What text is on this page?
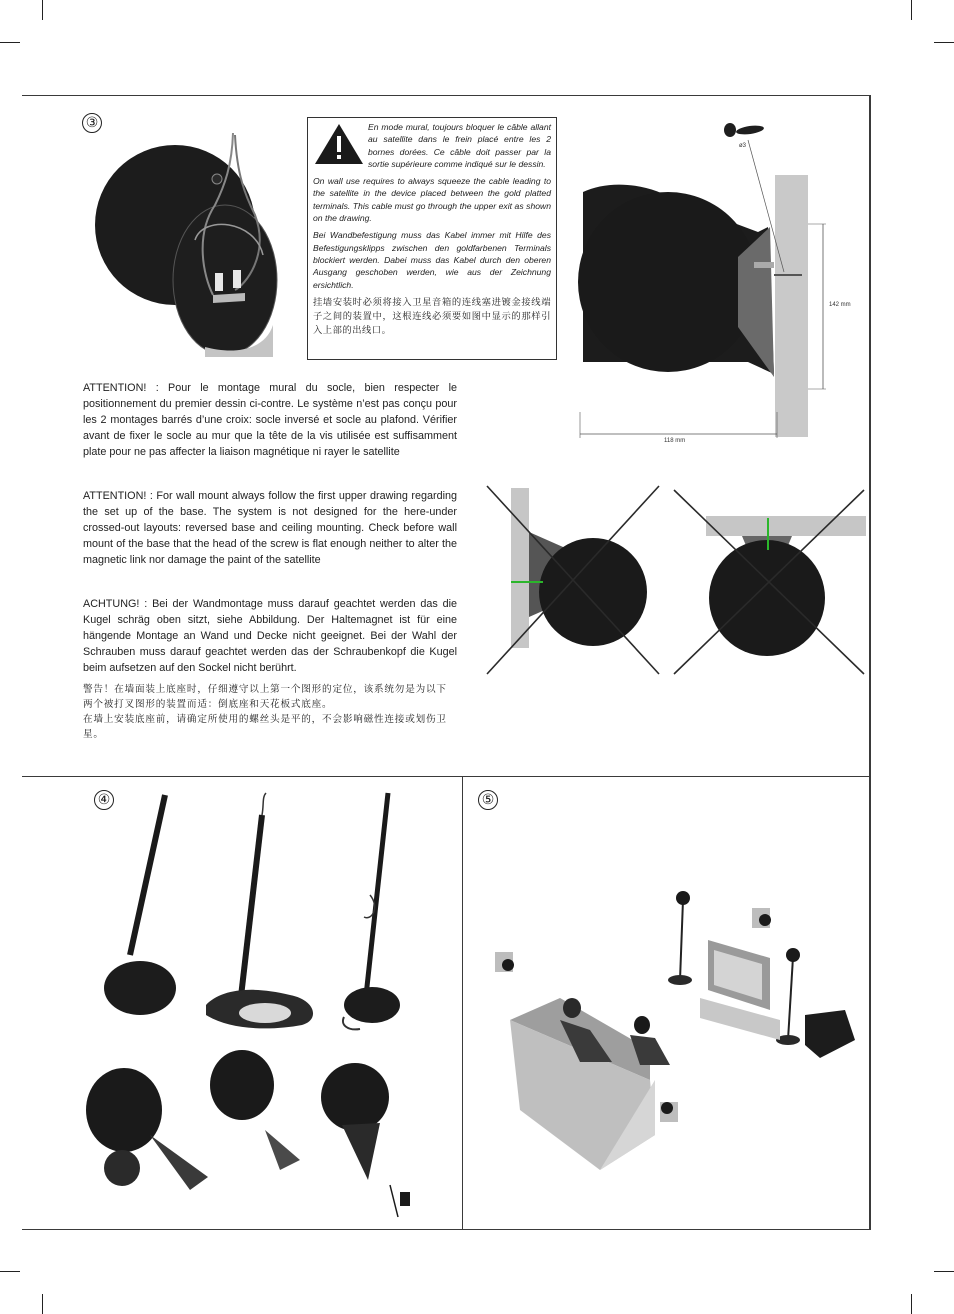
③
④	⑤

En mode mural, toujours bloquer le câble allant au satellite dans le frein placé entre les 2 bornes dorées. Ce câble doit passer par la sortie supérieure comme indiqué sur le dessin.

On wall use requires to always squeeze the cable leading to the satellite in the device placed between the gold platted terminals. This cable must go through the upper exit as shown on the drawing.

Bei Wandbefestigung muss das Kabel immer mit Hilfe des Befestigungsklipps zwischen den goldfarbenen Terminals blockiert werden. Dabei muss das Kabel durch den oberen Ausgang geschoben werden, wie aus der Zeichnung ersichtlich.

挂墙安装时必须将接入卫星音箱的连线塞进镀金接线端子之间的装置中，这根连线必须要如图中显示的那样引入上部的出线口。

ø3
142 mm
118 mm

ATTENTION! : Pour le montage mural du socle, bien respecter le positionnement du premier dessin ci-contre. Le système n’est pas conçu pour les 2 montages barrés d’une croix: socle inversé et socle au plafond. Vérifier avant de fixer le socle au mur que la tête de la vis utilisée est suffisamment plate pour ne pas affecter la liaison magnétique ni rayer le satellite

ATTENTION! : For wall mount always follow the first upper drawing regarding the set up of the base. The system is not designed for the here-under crossed-out layouts: reversed base and ceiling mounting. Check before wall mount of the base that the head of the screw is flat enough neither to alter the magnetic link nor damage the paint of the satellite

ACHTUNG! : Bei der Wandmontage muss darauf geachtet werden das die Kugel schräg oben sitzt, siehe Abbildung. Der Haltemagnet ist für eine hängende Montage an Wand und Decke nicht geeignet. Bei der Wahl der Schrauben muss darauf geachtet werden das der Schraubenkopf die Kugel beim aufsetzen auf den Sockel nicht berührt.

警告！在墙面装上底座时，仔细遵守以上第一个图形的定位，该系统勿是为以下两个被打叉图形的装置而适：倒底座和天花板式底座。

在墙上安装底座前，请确定所使用的螺丝头是平的，不会影响磁性连接或划伤卫星。
